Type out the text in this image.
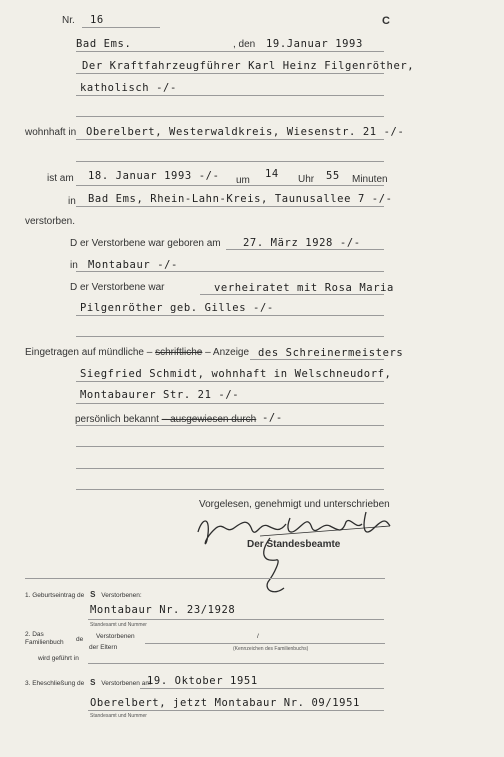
Nr. 16	C
Bad Ems.	, den 19.Januar 1993
Der Kraftfahrzeugführer Karl Heinz Filgenröther,
katholisch -/-
wohnhaft in Oberelbert, Westerwaldkreis, Wiesenstr. 21 -/-
ist am 18. Januar 1993 -/- um
14 Uhr 55 Minuten
in Bad Ems, Rhein-Lahn-Kreis, Taunusallee 7 -/-
verstorben.
D er Verstorbene war geboren am 27. März 1928 -/-
in Montabaur -/-
D er Verstorbene war	verheiratet mit Rosa Maria
Pilgenröther geb. Gilles -/-
Eingetragen auf mündliche – schriftliche – Anzeige des Schreinermeisters
Siegfried Schmidt, wohnhaft in Welschneudorf,
Montabaurer Str. 21 -/-
persönlich bekannt – ausgewiesen durch -/-
Vorgelesen, genehmigt und unterschrieben
Der Standesbeamte
1. Geburtseintrag de S Verstorbenen:
Montabaur Nr. 23/1928
Standesamt und Nummer
2. Das
Familienbuch de Verstorbenen
der Eltern
/
(Kennzeichen des Familienbuchs)
wird geführt in
3. Eheschließung de S Verstorbenen am
19. Oktober 1951
Oberelbert, jetzt Montabaur Nr. 09/1951
Standesamt und Nummer
